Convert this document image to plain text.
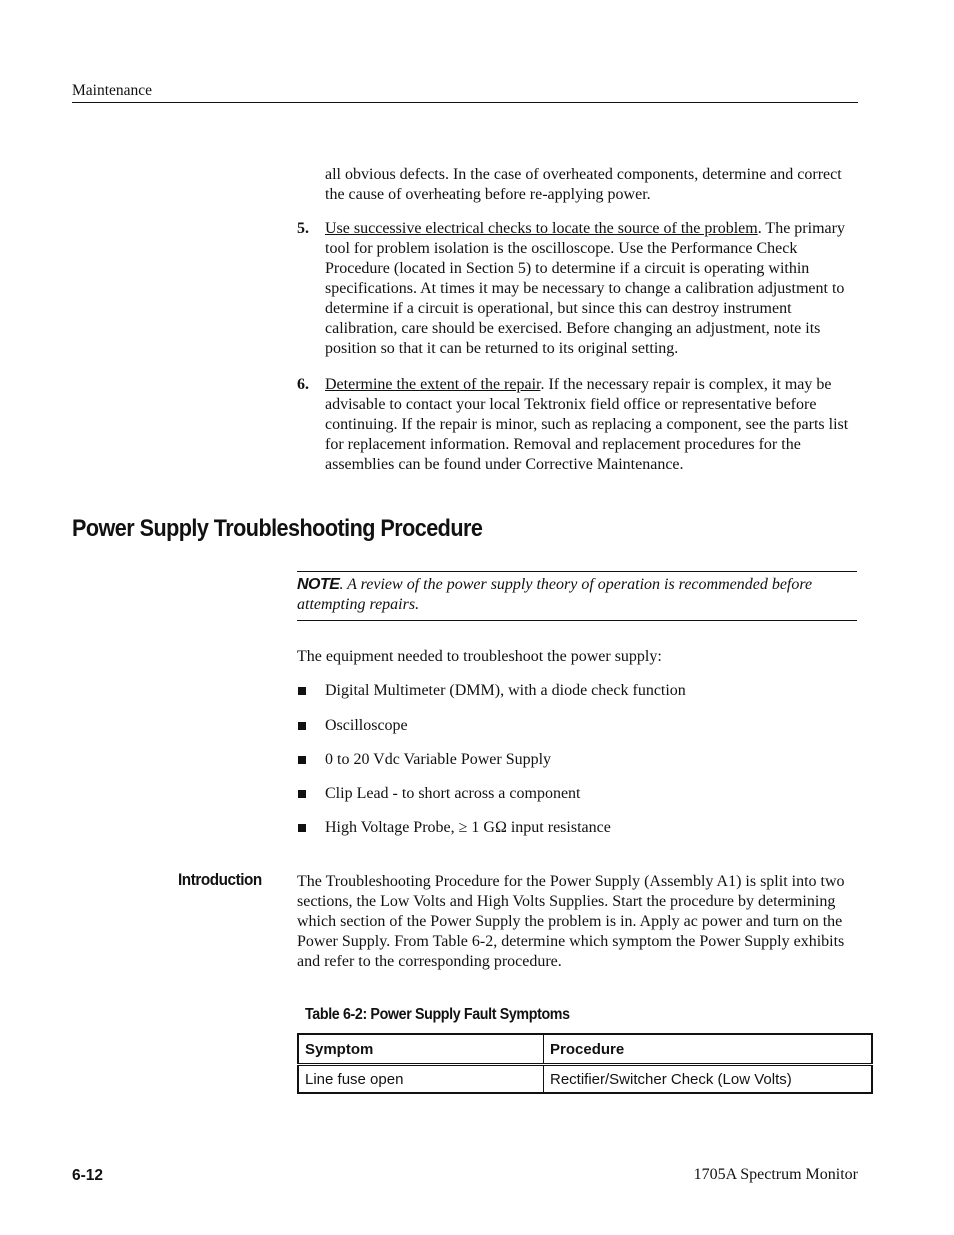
Maintenance
all obvious defects. In the case of overheated components, determine and correct the cause of overheating before re-applying power.
5. Use successive electrical checks to locate the source of the problem. The primary tool for problem isolation is the oscilloscope. Use the Performance Check Procedure (located in Section 5) to determine if a circuit is operating within specifications. At times it may be necessary to change a calibration adjustment to determine if a circuit is operational, but since this can destroy instrument calibration, care should be exercised. Before changing an adjustment, note its position so that it can be returned to its original setting.
6. Determine the extent of the repair. If the necessary repair is complex, it may be advisable to contact your local Tektronix field office or representative before continuing. If the repair is minor, such as replacing a component, see the parts list for replacement information. Removal and replacement procedures for the assemblies can be found under Corrective Maintenance.
Power Supply Troubleshooting Procedure
NOTE. A review of the power supply theory of operation is recommended before attempting repairs.
The equipment needed to troubleshoot the power supply:
Digital Multimeter (DMM), with a diode check function
Oscilloscope
0 to 20 Vdc Variable Power Supply
Clip Lead - to short across a component
High Voltage Probe, ≥ 1 GΩ input resistance
Introduction The Troubleshooting Procedure for the Power Supply (Assembly A1) is split into two sections, the Low Volts and High Volts Supplies. Start the procedure by determining which section of the Power Supply the problem is in. Apply ac power and turn on the Power Supply. From Table 6-2, determine which symptom the Power Supply exhibits and refer to the corresponding procedure.
Table 6-2: Power Supply Fault Symptoms
Symptom	Procedure
Line fuse open	Rectifier/Switcher Check (Low Volts)
6-12	1705A Spectrum Monitor
